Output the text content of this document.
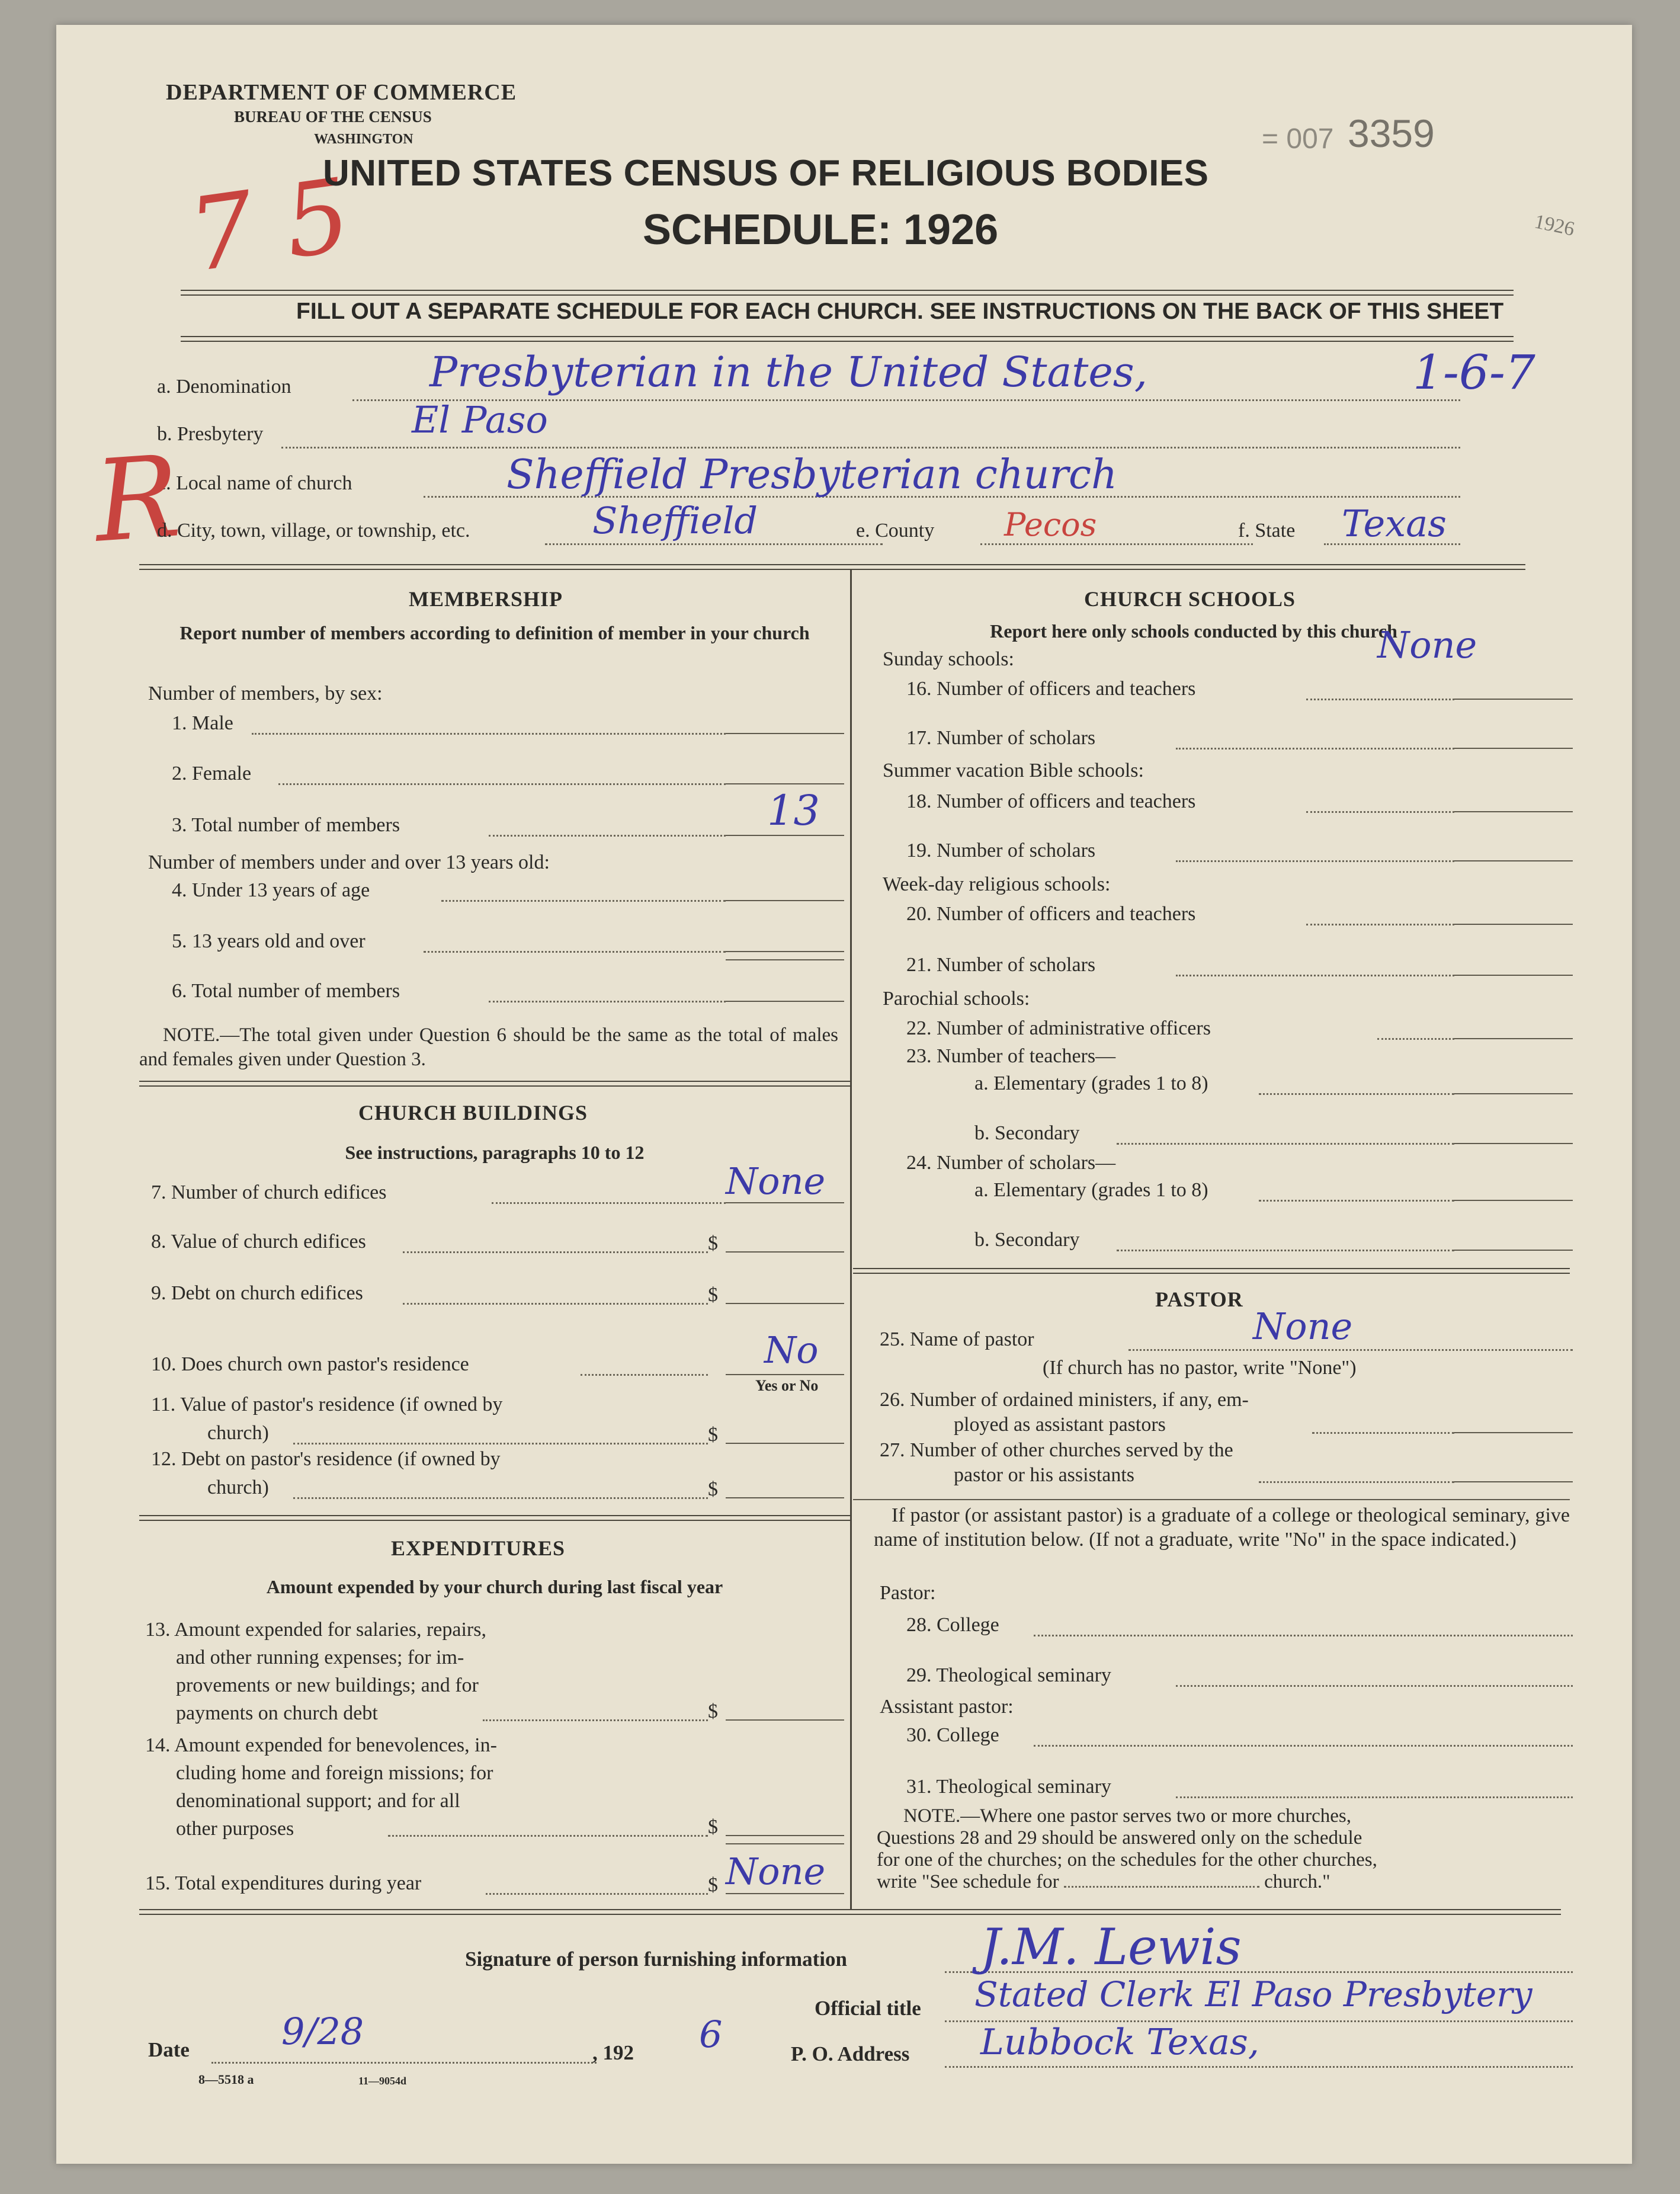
DEPARTMENT OF COMMERCE
BUREAU OF THE CENSUS
WASHINGTON
7 5
3359
= 007
1926
UNITED STATES CENSUS OF RELIGIOUS BODIES
SCHEDULE: 1926
FILL OUT A SEPARATE SCHEDULE FOR EACH CHURCH. SEE INSTRUCTIONS ON THE BACK OF THIS SHEET
a. Denomination	Presbyterian in the United States,	1-6-7
b. Presbytery	El Paso
c. Local name of church	Sheffield Presbyterian church
R
d. City, town, village, or township, etc.	Sheffield	e. County Pecos	f. State Texas
MEMBERSHIP
Report number of members according to definition of member in your church
Number of members, by sex:
1. Male
2. Female
3. Total number of members	13
Number of members under and over 13 years old:
4. Under 13 years of age
5. 13 years old and over
6. Total number of members
NOTE.—The total given under Question 6 should be the same as the total of males and females given under Question 3.
CHURCH BUILDINGS
See instructions, paragraphs 10 to 12
7. Number of church edifices	None
8. Value of church edifices	$
9. Debt on church edifices	$
10. Does church own pastor's residence	No
Yes or No
11. Value of pastor's residence (if owned by
church)	$
12. Debt on pastor's residence (if owned by
church)	$
EXPENDITURES
Amount expended by your church during last fiscal year
13. Amount expended for salaries, repairs,
and other running expenses; for im-
provements or new buildings; and for
payments on church debt	$
14. Amount expended for benevolences, in-
cluding home and foreign missions; for
denominational support; and for all
other purposes	$
15. Total expenditures during year	$ None
CHURCH SCHOOLS
Report here only schools conducted by this church
Sunday schools:	None
16. Number of officers and teachers
17. Number of scholars
Summer vacation Bible schools:
18. Number of officers and teachers
19. Number of scholars
Week-day religious schools:
20. Number of officers and teachers
21. Number of scholars
Parochial schools:
22. Number of administrative officers
23. Number of teachers—
a. Elementary (grades 1 to 8)
b. Secondary
24. Number of scholars—
a. Elementary (grades 1 to 8)
b. Secondary
PASTOR
25. Name of pastor	None
(If church has no pastor, write "None")
26. Number of ordained ministers, if any, em-
ployed as assistant pastors
27. Number of other churches served by the
pastor or his assistants
If pastor (or assistant pastor) is a graduate of a college or theological seminary, give name of institution below. (If not a graduate, write "No" in the space indicated.)
Pastor:
28. College
29. Theological seminary
Assistant pastor:
30. College
31. Theological seminary
NOTE.—Where one pastor serves two or more churches,
Questions 28 and 29 should be answered only on the schedule
for one of the churches; on the schedules for the other churches,
write "See schedule for	church."
Signature of person furnishing information	J.M. Lewis
Official title Stated Clerk El Paso Presbytery
Date	9/28	, 192 6	P. O. Address Lubbock Texas,
8—5518 a	11—9054d
